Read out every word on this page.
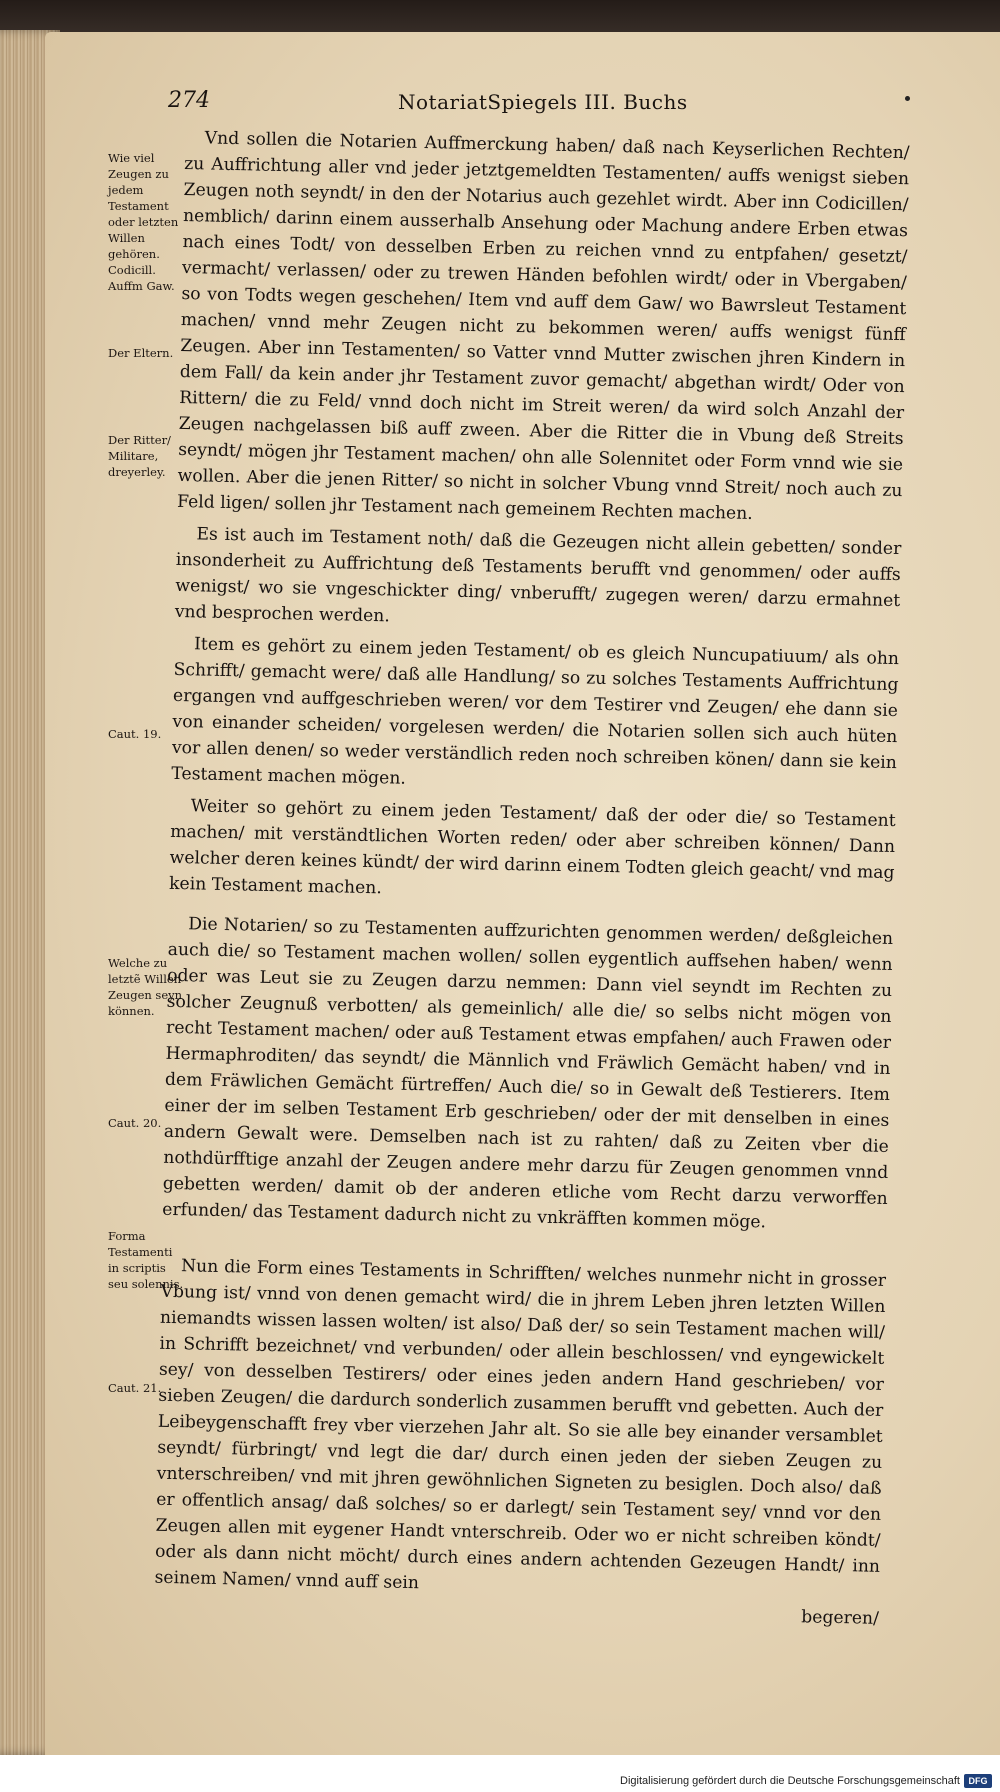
274	NotariatSpiegels III. Buchs
Wie viel Zeugen zu jedem Testament oder letzten Willen gehören. Codicill. Auffm Gaw.
Der Eltern.
Der Ritter/ Militare, dreyerley.
Caut. 19.
Welche zu letztẽ Willen Zeugen seyn können.
Caut. 20.
Forma Testamenti in scriptis seu solennis.
Caut. 21.

Vnd sollen die Notarien Auffmerckung haben/ daß nach Keyserlichen Rechten/ zu Auffrichtung aller vnd jeder jetztgemeldten Testamenten/ auffs wenigst sieben Zeugen noth seyndt/ in den der Notarius auch gezehlet wirdt. Aber inn Codicillen/ nemblich/ darinn einem ausserhalb Ansehung oder Machung andere Erben etwas nach eines Todt/ von desselben Erben zu reichen vnnd zu entpfahen/ gesetzt/ vermacht/ verlassen/ oder zu trewen Händen befohlen wirdt/ oder in Vbergaben/ so von Todts wegen geschehen/ Item vnd auff dem Gaw/ wo Bawrsleut Testament machen/ vnnd mehr Zeugen nicht zu bekommen weren/ auffs wenigst fünff Zeugen. Aber inn Testamenten/ so Vatter vnnd Mutter zwischen jhren Kindern in dem Fall/ da kein ander jhr Testament zuvor gemacht/ abgethan wirdt/ Oder von Rittern/ die zu Feld/ vnnd doch nicht im Streit weren/ da wird solch Anzahl der Zeugen nachgelassen biß auff zween. Aber die Ritter die in Vbung deß Streits seyndt/ mögen jhr Testament machen/ ohn alle Solennitet oder Form vnnd wie sie wollen. Aber die jenen Ritter/ so nicht in solcher Vbung vnnd Streit/ noch auch zu Feld ligen/ sollen jhr Testament nach gemeinem Rechten machen.

Es ist auch im Testament noth/ daß die Gezeugen nicht allein gebetten/ sonder insonderheit zu Auffrichtung deß Testaments berufft vnd genommen/ oder auffs wenigst/ wo sie vngeschickter ding/ vnberufft/ zugegen weren/ darzu ermahnet vnd besprochen werden.

Item es gehört zu einem jeden Testament/ ob es gleich Nuncupatiuum/ als ohn Schrifft/ gemacht were/ daß alle Handlung/ so zu solches Testaments Auffrichtung ergangen vnd auffgeschrieben weren/ vor dem Testirer vnd Zeugen/ ehe dann sie von einander scheiden/ vorgelesen werden/ die Notarien sollen sich auch hüten vor allen denen/ so weder verständlich reden noch schreiben könen/ dann sie kein Testament machen mögen.

Weiter so gehört zu einem jeden Testament/ daß der oder die/ so Testament machen/ mit verständtlichen Worten reden/ oder aber schreiben können/ Dann welcher deren keines kündt/ der wird darinn einem Todten gleich geacht/ vnd mag kein Testament machen.

Die Notarien/ so zu Testamenten auffzurichten genommen werden/ deßgleichen auch die/ so Testament machen wollen/ sollen eygentlich auffsehen haben/ wenn oder was Leut sie zu Zeugen darzu nemmen: Dann viel seyndt im Rechten zu solcher Zeugnuß verbotten/ als gemeinlich/ alle die/ so selbs nicht mögen von recht Testament machen/ oder auß Testament etwas empfahen/ auch Frawen oder Hermaphroditen/ das seyndt/ die Männlich vnd Fräwlich Gemächt haben/ vnd in dem Fräwlichen Gemächt fürtreffen/ Auch die/ so in Gewalt deß Testierers. Item einer der im selben Testament Erb geschrieben/ oder der mit denselben in eines andern Gewalt were. Demselben nach ist zu rahten/ daß zu Zeiten vber die nothdürfftige anzahl der Zeugen andere mehr darzu für Zeugen genommen vnnd gebetten werden/ damit ob der anderen etliche vom Recht darzu verworffen erfunden/ das Testament dadurch nicht zu vnkräfften kommen möge.

Nun die Form eines Testaments in Schrifften/ welches nunmehr nicht in grosser Vbung ist/ vnnd von denen gemacht wird/ die in jhrem Leben jhren letzten Willen niemandts wissen lassen wolten/ ist also/ Daß der/ so sein Testament machen will/ in Schrifft bezeichnet/ vnd verbunden/ oder allein beschlossen/ vnd eyngewickelt sey/ von desselben Testirers/ oder eines jeden andern Hand geschrieben/ vor sieben Zeugen/ die dardurch sonderlich zusammen berufft vnd gebetten. Auch der Leibeygenschafft frey vber vierzehen Jahr alt. So sie alle bey einander versamblet seyndt/ fürbringt/ vnd legt die dar/ durch einen jeden der sieben Zeugen zu vnterschreiben/ vnd mit jhren gewöhnlichen Signeten zu besiglen. Doch also/ daß er offentlich ansag/ daß solches/ so er darlegt/ sein Testament sey/ vnnd vor den Zeugen allen mit eygener Handt vnterschreib. Oder wo er nicht schreiben köndt/ oder als dann nicht möcht/ durch eines andern achtenden Gezeugen Handt/ inn seinem Namen/ vnnd auff sein

begeren/

Digitalisierung gefördert durch die Deutsche Forschungsgemeinschaft DFG
